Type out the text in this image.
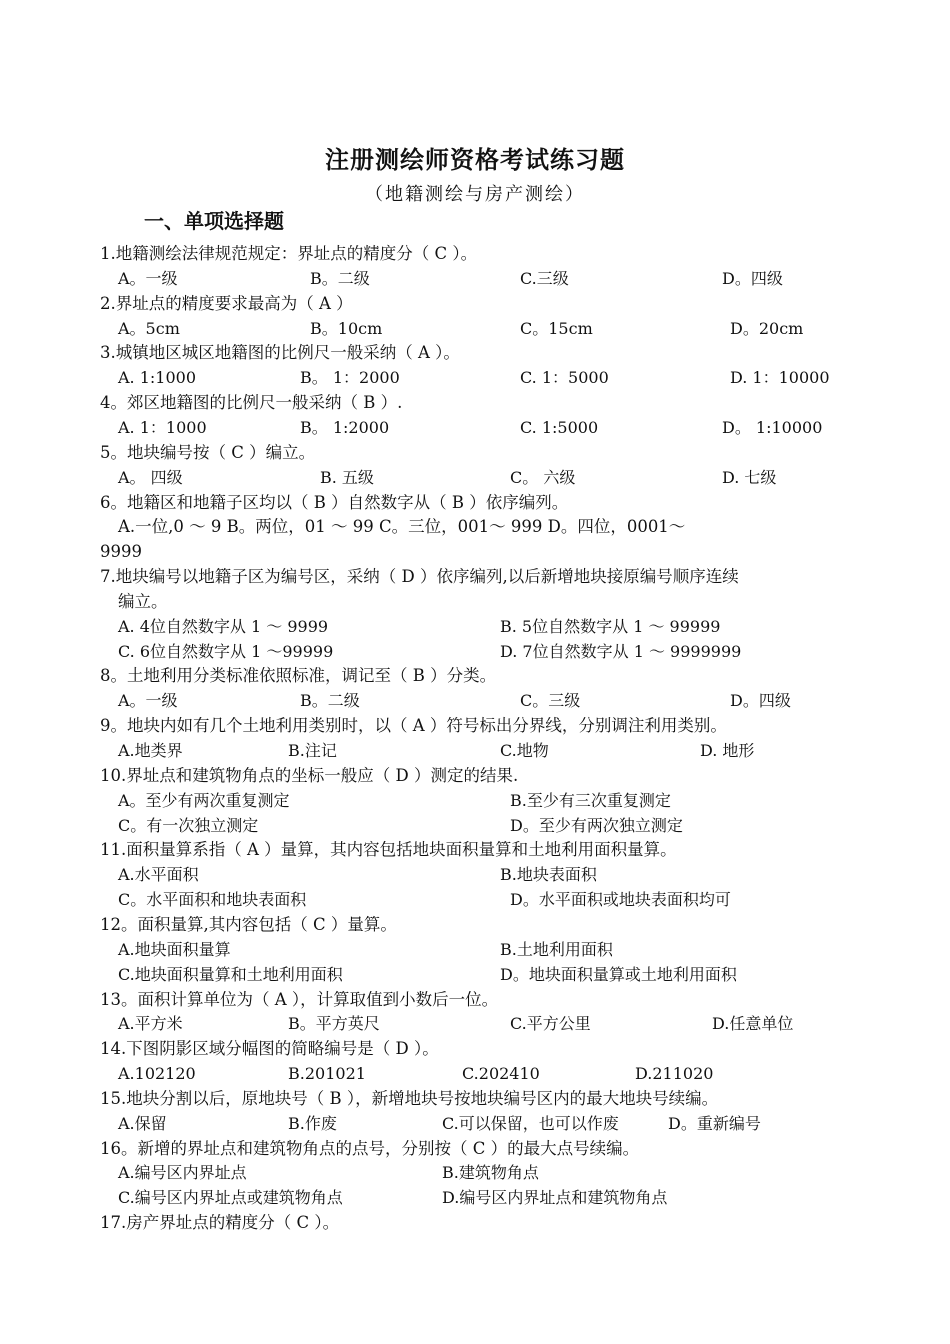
注册测绘师资格考试练习题
（地籍测绘与房产测绘）
一、单项选择题
1.地籍测绘法律规范规定：界址点的精度分（ C ）。
A。一级	B。二级	C.三级	D。四级
2.界址点的精度要求最高为（ A ）
A。5cm	B。10cm	C。15cm	D。20cm
3.城镇地区城区地籍图的比例尺一般采纳（ A ）。
A. 1:1000	B。 1：2000	C. 1：5000	D. 1：10000
4。郊区地籍图的比例尺一般采纳（ B ）.
A. 1：1000	B。 1:2000	C. 1:5000	D。 1:10000
5。地块编号按（ C ）编立。
A。 四级	B. 五级	C。 六级	D. 七级
6。地籍区和地籍子区均以（ B ）自然数字从（ B ）依序编列。
A.一位,0 ～ 9 B。两位，01 ～ 99 C。三位，001～ 999 D。四位，0001～
9999
7.地块编号以地籍子区为编号区，采纳（ D ）依序编列,以后新增地块接原编号顺序连续
编立。
A. 4位自然数字从 1 ～ 9999	B. 5位自然数字从 1 ～ 99999
C. 6位自然数字从 1 ～99999	D. 7位自然数字从 1 ～ 9999999
8。土地利用分类标准依照标准，调记至（ B ）分类。
A。一级	B。二级	C。三级	D。四级
9。地块内如有几个土地利用类别时，以（ A ）符号标出分界线，分别调注利用类别。
A.地类界	B.注记	C.地物	D. 地形
10.界址点和建筑物角点的坐标一般应（ D ）测定的结果.
A。至少有两次重复测定	B.至少有三次重复测定
C。有一次独立测定	D。至少有两次独立测定
11.面积量算系指（ A ）量算，其内容包括地块面积量算和土地利用面积量算。
A.水平面积	B.地块表面积
C。水平面积和地块表面积	D。水平面积或地块表面积均可
12。面积量算,其内容包括（ C ）量算。
A.地块面积量算	B.土地利用面积
C.地块面积量算和土地利用面积	D。地块面积量算或土地利用面积
13。面积计算单位为（ A ），计算取值到小数后一位。
A.平方米	B。平方英尺	C.平方公里	D.任意单位
14.下图阴影区域分幅图的简略编号是（ D ）。
A.102120	B.201021	C.202410	D.211020
15.地块分割以后，原地块号（ B ），新增地块号按地块编号区内的最大地块号续编。
A.保留	B.作废	C.可以保留，也可以作废	D。重新编号
16。新增的界址点和建筑物角点的点号，分别按（ C ）的最大点号续编。
A.编号区内界址点	B.建筑物角点
C.编号区内界址点或建筑物角点	D.编号区内界址点和建筑物角点
17.房产界址点的精度分（ C ）。
